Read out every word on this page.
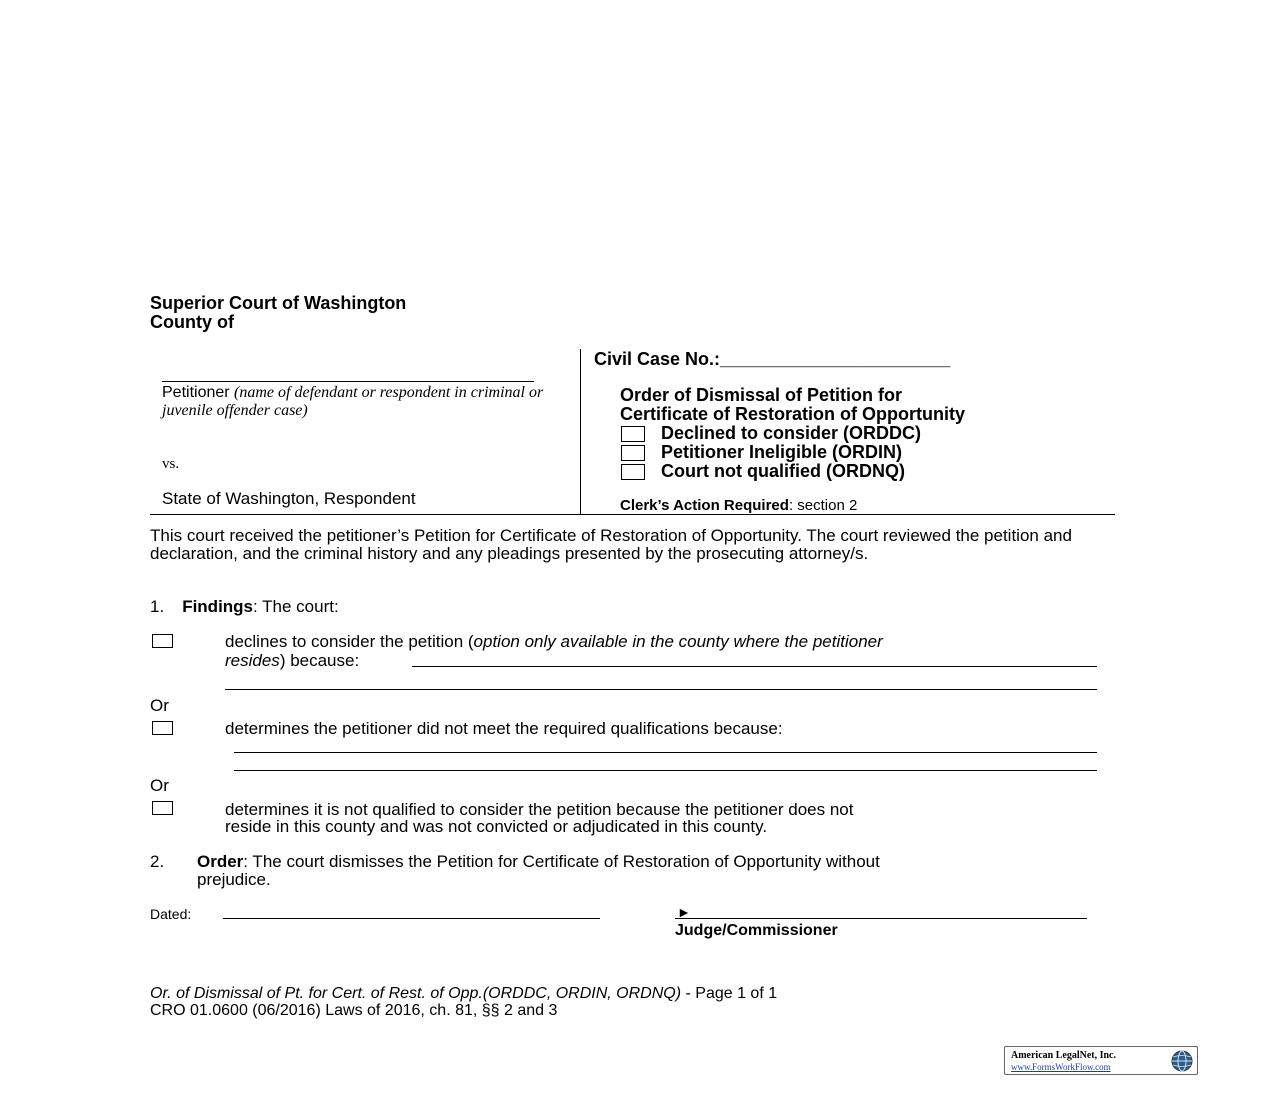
Superior Court of Washington
County of
Petitioner (name of defendant or respondent in criminal or juvenile offender case)
vs.
State of Washington, Respondent
Civil Case No.:_______________________
Order of Dismissal of Petition for
Certificate of Restoration of Opportunity
Declined to consider (ORDDC)
Petitioner Ineligible (ORDIN)
Court not qualified (ORDNQ)
Clerk’s Action Required: section 2
This court received the petitioner’s Petition for Certificate of Restoration of Opportunity. The court reviewed the petition and declaration, and the criminal history and any pleadings presented by the prosecuting attorney/s.
1. Findings: The court:
declines to consider the petition (option only available in the county where the petitioner
resides) because:
Or
determines the petitioner did not meet the required qualifications because:
Or
determines it is not qualified to consider the petition because the petitioner does not
reside in this county and was not convicted or adjudicated in this county.
2. Order: The court dismisses the Petition for Certificate of Restoration of Opportunity without
prejudice.
Dated:	►
Judge/Commissioner
Or. of Dismissal of Pt. for Cert. of Rest. of Opp.(ORDDC, ORDIN, ORDNQ) - Page 1 of 1
CRO 01.0600 (06/2016) Laws of 2016, ch. 81, §§ 2 and 3
American LegalNet, Inc.
www.FormsWorkFlow.com
